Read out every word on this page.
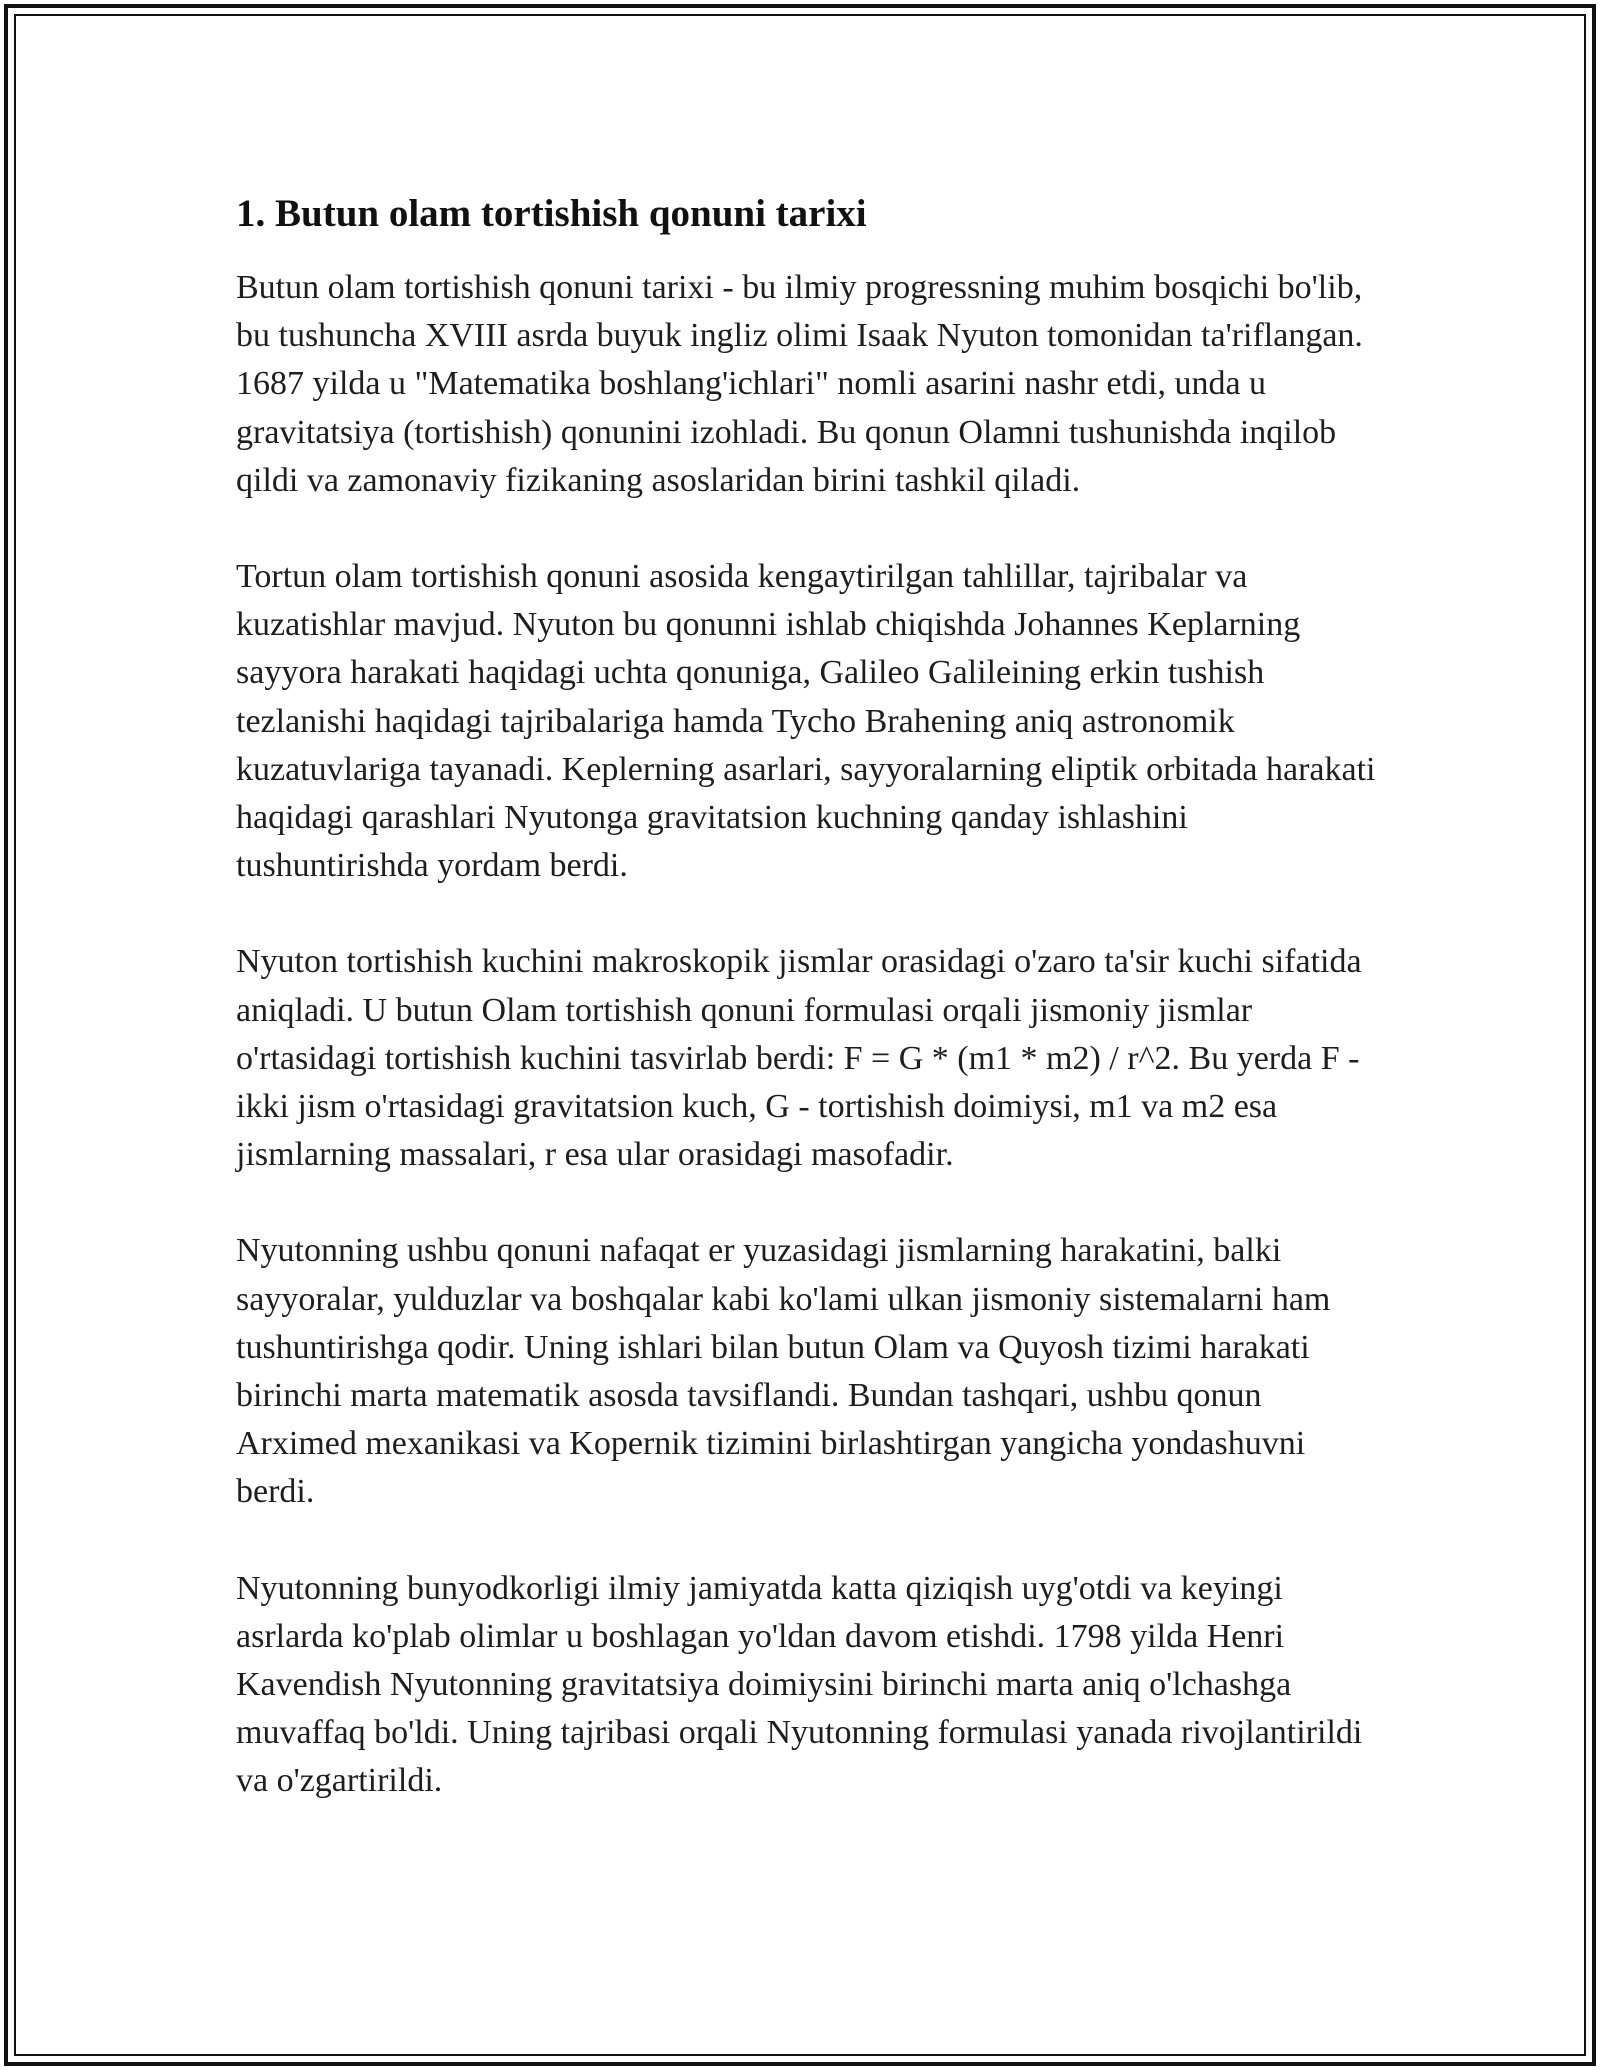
1. Butun olam tortishish qonuni tarixi

Butun olam tortishish qonuni tarixi - bu ilmiy progressning muhim bosqichi bo'lib, bu tushuncha XVIII asrda buyuk ingliz olimi Isaak Nyuton tomonidan ta'riflangan. 1687 yilda u "Matematika boshlang'ichlari" nomli asarini nashr etdi, unda u gravitatsiya (tortishish) qonunini izohladi. Bu qonun Olamni tushunishda inqilob qildi va zamonaviy fizikaning asoslaridan birini tashkil qiladi.

Tortun olam tortishish qonuni asosida kengaytirilgan tahlillar, tajribalar va kuzatishlar mavjud. Nyuton bu qonunni ishlab chiqishda Johannes Keplarning sayyora harakati haqidagi uchta qonuniga, Galileo Galileining erkin tushish tezlanishi haqidagi tajribalariga hamda Tycho Brahening aniq astronomik kuzatuvlariga tayanadi. Keplerning asarlari, sayyoralarning eliptik orbitada harakati haqidagi qarashlari Nyutonga gravitatsion kuchning qanday ishlashini tushuntirishda yordam berdi.

Nyuton tortishish kuchini makroskopik jismlar orasidagi o'zaro ta'sir kuchi sifatida aniqladi. U butun Olam tortishish qonuni formulasi orqali jismoniy jismlar o'rtasidagi tortishish kuchini tasvirlab berdi: F = G * (m1 * m2) / r^2. Bu yerda F - ikki jism o'rtasidagi gravitatsion kuch, G - tortishish doimiysi, m1 va m2 esa jismlarning massalari, r esa ular orasidagi masofadir.

Nyutonning ushbu qonuni nafaqat er yuzasidagi jismlarning harakatini, balki sayyoralar, yulduzlar va boshqalar kabi ko'lami ulkan jismoniy sistemalarni ham tushuntirishga qodir. Uning ishlari bilan butun Olam va Quyosh tizimi harakati birinchi marta matematik asosda tavsiflandi. Bundan tashqari, ushbu qonun Arximed mexanikasi va Kopernik tizimini birlashtirgan yangicha yondashuvni berdi.

Nyutonning bunyodkorligi ilmiy jamiyatda katta qiziqish uyg'otdi va keyingi asrlarda ko'plab olimlar u boshlagan yo'ldan davom etishdi. 1798 yilda Henri Kavendish Nyutonning gravitatsiya doimiysini birinchi marta aniq o'lchashga muvaffaq bo'ldi. Uning tajribasi orqali Nyutonning formulasi yanada rivojlantirildi va o'zgartirildi.
